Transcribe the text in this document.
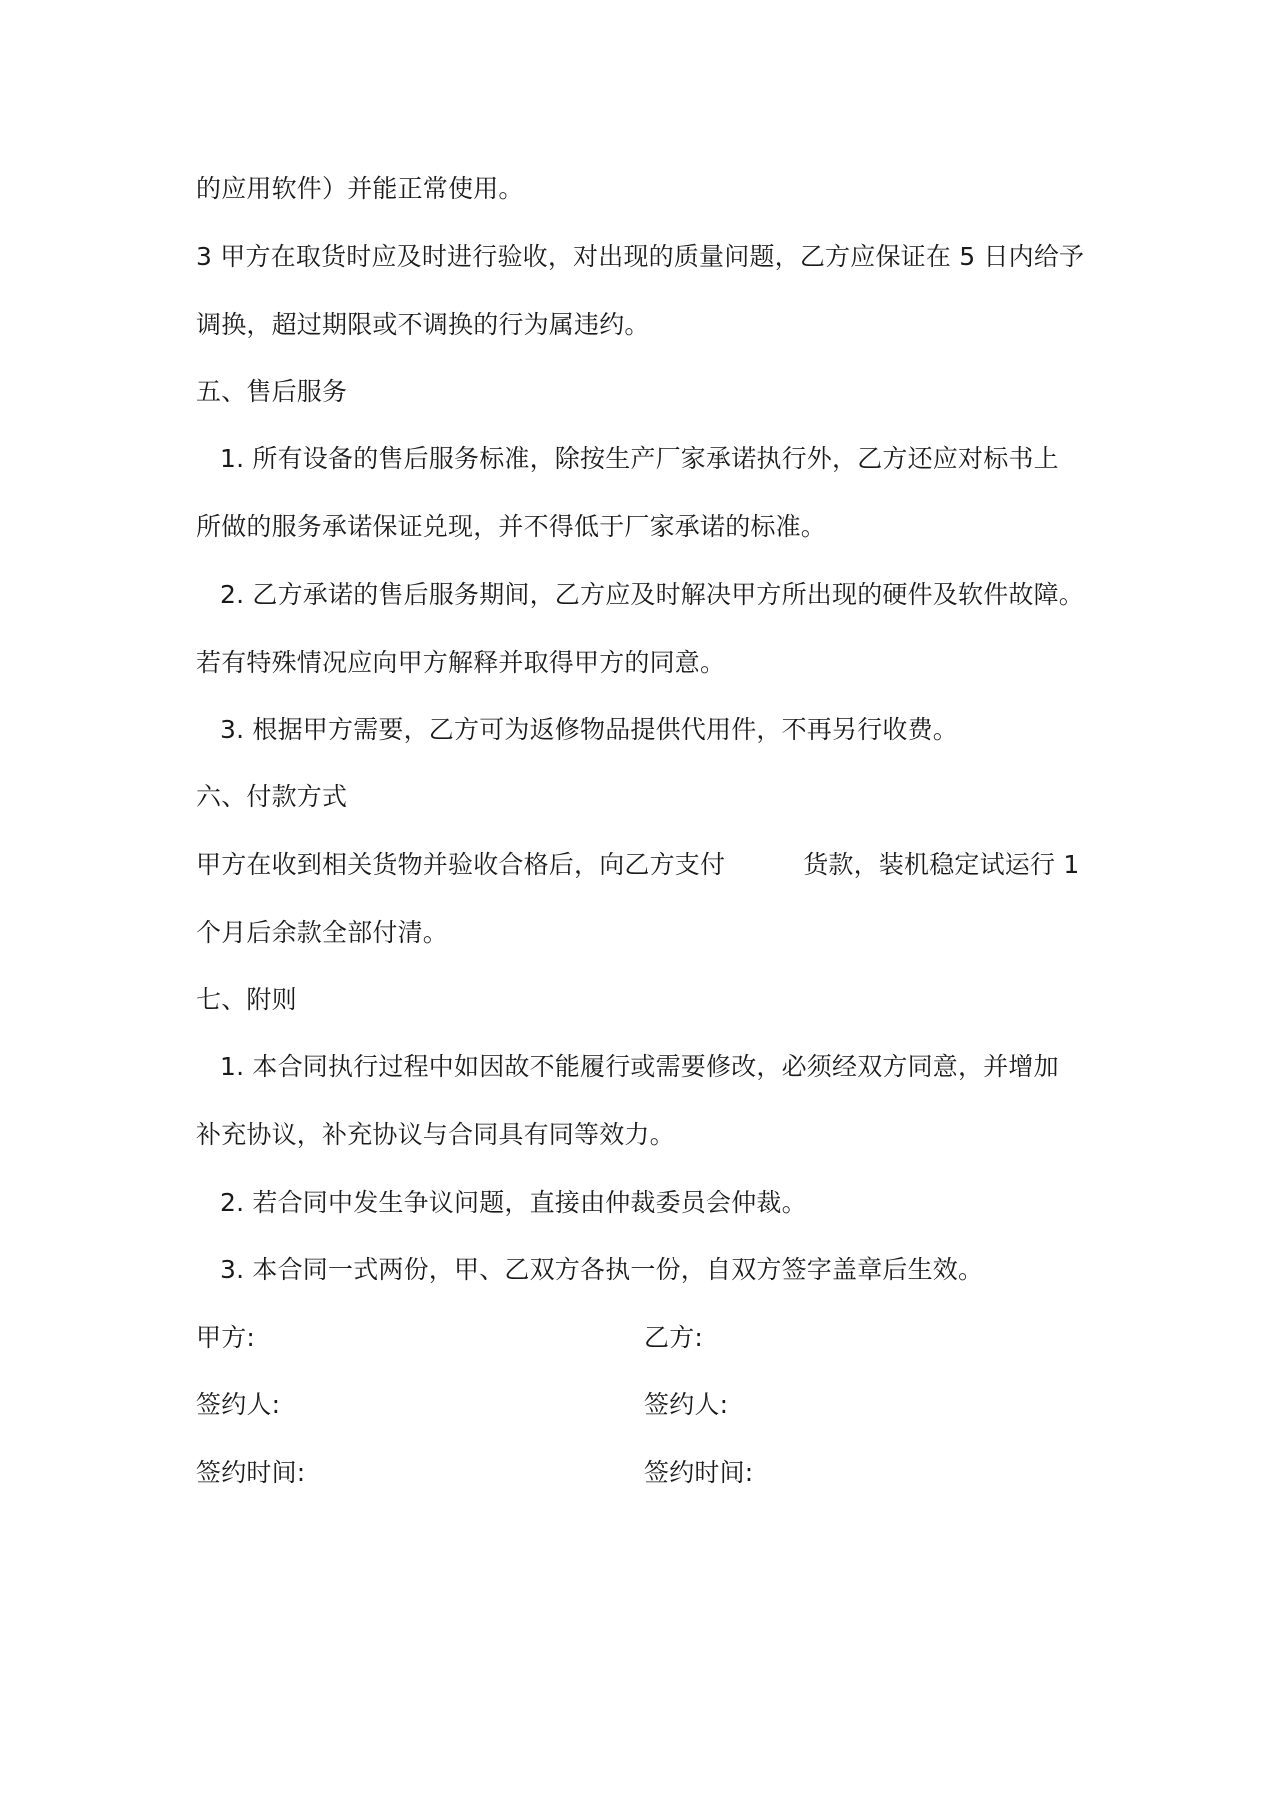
的应用软件）并能正常使用。
3 甲方在取货时应及时进行验收，对出现的质量问题，乙方应保证在 5 日内给予
调换，超过期限或不调换的行为属违约。
五、售后服务
1. 所有设备的售后服务标准，除按生产厂家承诺执行外，乙方还应对标书上
所做的服务承诺保证兑现，并不得低于厂家承诺的标准。
2. 乙方承诺的售后服务期间，乙方应及时解决甲方所出现的硬件及软件故障。
若有特殊情况应向甲方解释并取得甲方的同意。
3. 根据甲方需要，乙方可为返修物品提供代用件，不再另行收费。
六、付款方式
甲方在收到相关货物并验收合格后，向乙方支付	货款，装机稳定试运行 1
个月后余款全部付清。
七、附则
1. 本合同执行过程中如因故不能履行或需要修改，必须经双方同意，并增加
补充协议，补充协议与合同具有同等效力。
2. 若合同中发生争议问题，直接由仲裁委员会仲裁。
3. 本合同一式两份，甲、乙双方各执一份，自双方签字盖章后生效。
甲方:	乙方:
签约人:	签约人:
签约时间:	签约时间:
